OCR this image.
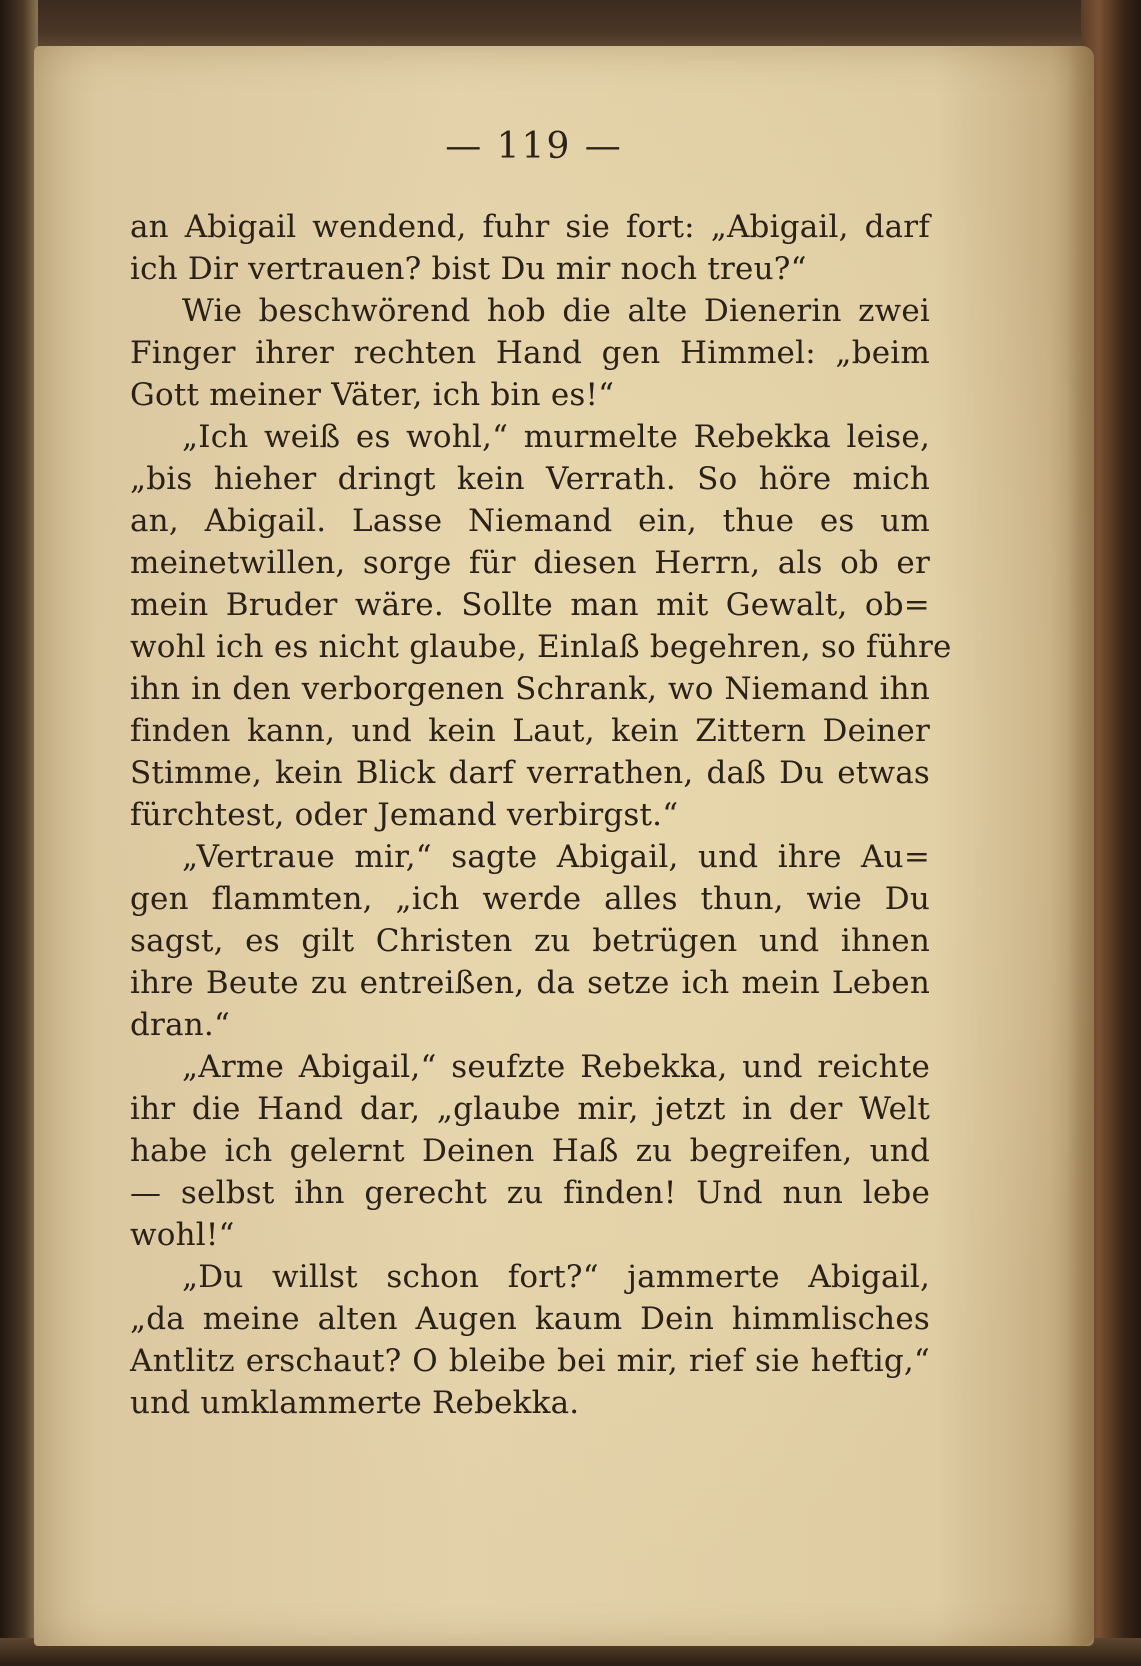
— 119 —
an Abigail wendend, fuhr sie fort: „Abigail, darf
ich Dir vertrauen? bist Du mir noch treu?“
Wie beschwörend hob die alte Dienerin zwei
Finger ihrer rechten Hand gen Himmel: „beim
Gott meiner Väter, ich bin es!“
„Ich weiß es wohl,“ murmelte Rebekka leise,
„bis hieher dringt kein Verrath. So höre mich
an, Abigail. Lasse Niemand ein, thue es um
meinetwillen, sorge für diesen Herrn, als ob er
mein Bruder wäre. Sollte man mit Gewalt, ob=
wohl ich es nicht glaube, Einlaß begehren, so führe
ihn in den verborgenen Schrank, wo Niemand ihn
finden kann, und kein Laut, kein Zittern Deiner
Stimme, kein Blick darf verrathen, daß Du etwas
fürchtest, oder Jemand verbirgst.“
„Vertraue mir,“ sagte Abigail, und ihre Au=
gen flammten, „ich werde alles thun, wie Du
sagst, es gilt Christen zu betrügen und ihnen
ihre Beute zu entreißen, da setze ich mein Leben
dran.“
„Arme Abigail,“ seufzte Rebekka, und reichte
ihr die Hand dar, „glaube mir, jetzt in der Welt
habe ich gelernt Deinen Haß zu begreifen, und
— selbst ihn gerecht zu finden! Und nun lebe
wohl!“
„Du willst schon fort?“ jammerte Abigail,
„da meine alten Augen kaum Dein himmlisches
Antlitz erschaut? O bleibe bei mir, rief sie heftig,“
und umklammerte Rebekka.
